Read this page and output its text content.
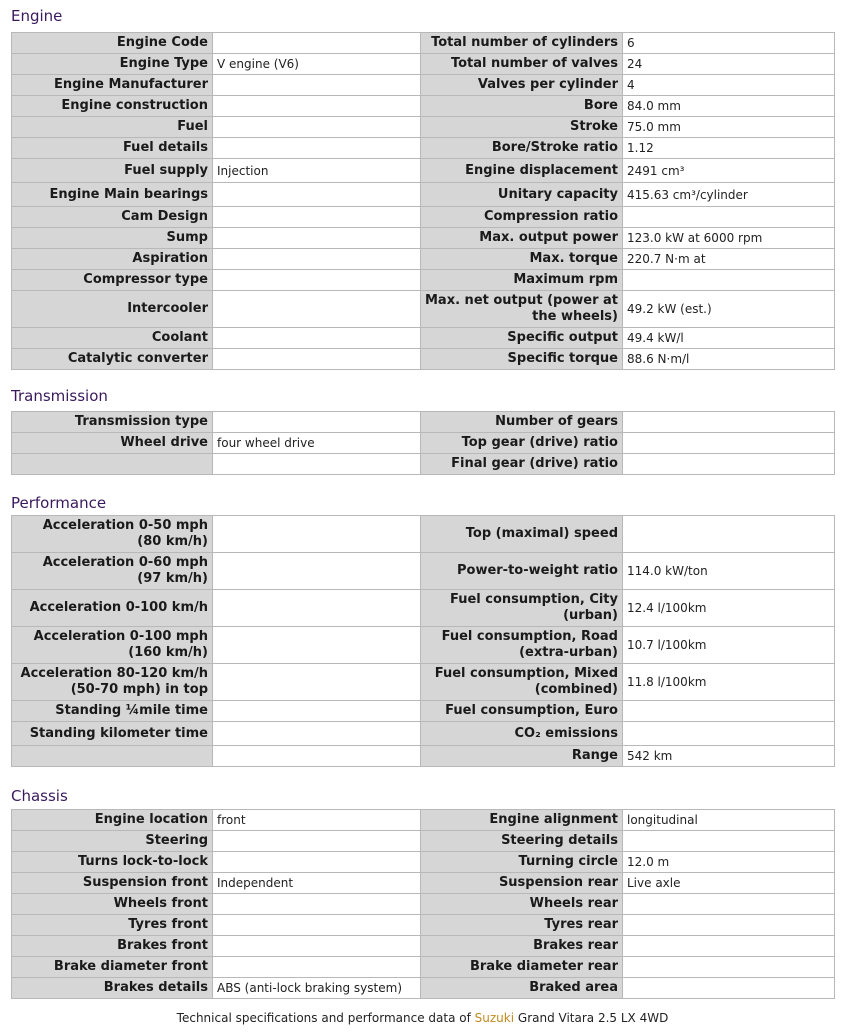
Engine
Engine Code		Total number of cylinders	6
Engine Type	V engine (V6)	Total number of valves	24
Engine Manufacturer		Valves per cylinder	4
Engine construction		Bore	84.0 mm
Fuel		Stroke	75.0 mm
Fuel details		Bore/Stroke ratio	1.12
Fuel supply	Injection	Engine displacement	2491 cm³
Engine Main bearings		Unitary capacity	415.63 cm³/cylinder
Cam Design		Compression ratio	
Sump		Max. output power	123.0 kW at 6000 rpm
Aspiration		Max. torque	220.7 N·m at
Compressor type		Maximum rpm	
Intercooler		Max. net output (power at the wheels)	49.2 kW (est.)
Coolant		Specific output	49.4 kW/l
Catalytic converter		Specific torque	88.6 N·m/l
Transmission
Transmission type		Number of gears	
Wheel drive	four wheel drive	Top gear (drive) ratio	
		Final gear (drive) ratio	
Performance
Acceleration 0-50 mph (80 km/h)		Top (maximal) speed	
Acceleration 0-60 mph (97 km/h)		Power-to-weight ratio	114.0 kW/ton
Acceleration 0-100 km/h		Fuel consumption, City (urban)	12.4 l/100km
Acceleration 0-100 mph (160 km/h)		Fuel consumption, Road (extra-urban)	10.7 l/100km
Acceleration 80-120 km/h (50-70 mph) in top		Fuel consumption, Mixed (combined)	11.8 l/100km
Standing ¼mile time		Fuel consumption, Euro	
Standing kilometer time		CO₂ emissions	
		Range	542 km
Chassis
Engine location	front	Engine alignment	longitudinal
Steering		Steering details	
Turns lock-to-lock		Turning circle	12.0 m
Suspension front	Independent	Suspension rear	Live axle
Wheels front		Wheels rear	
Tyres front		Tyres rear	
Brakes front		Brakes rear	
Brake diameter front		Brake diameter rear	
Brakes details	ABS (anti-lock braking system)	Braked area	
Technical specifications and performance data of Suzuki Grand Vitara 2.5 LX 4WD
